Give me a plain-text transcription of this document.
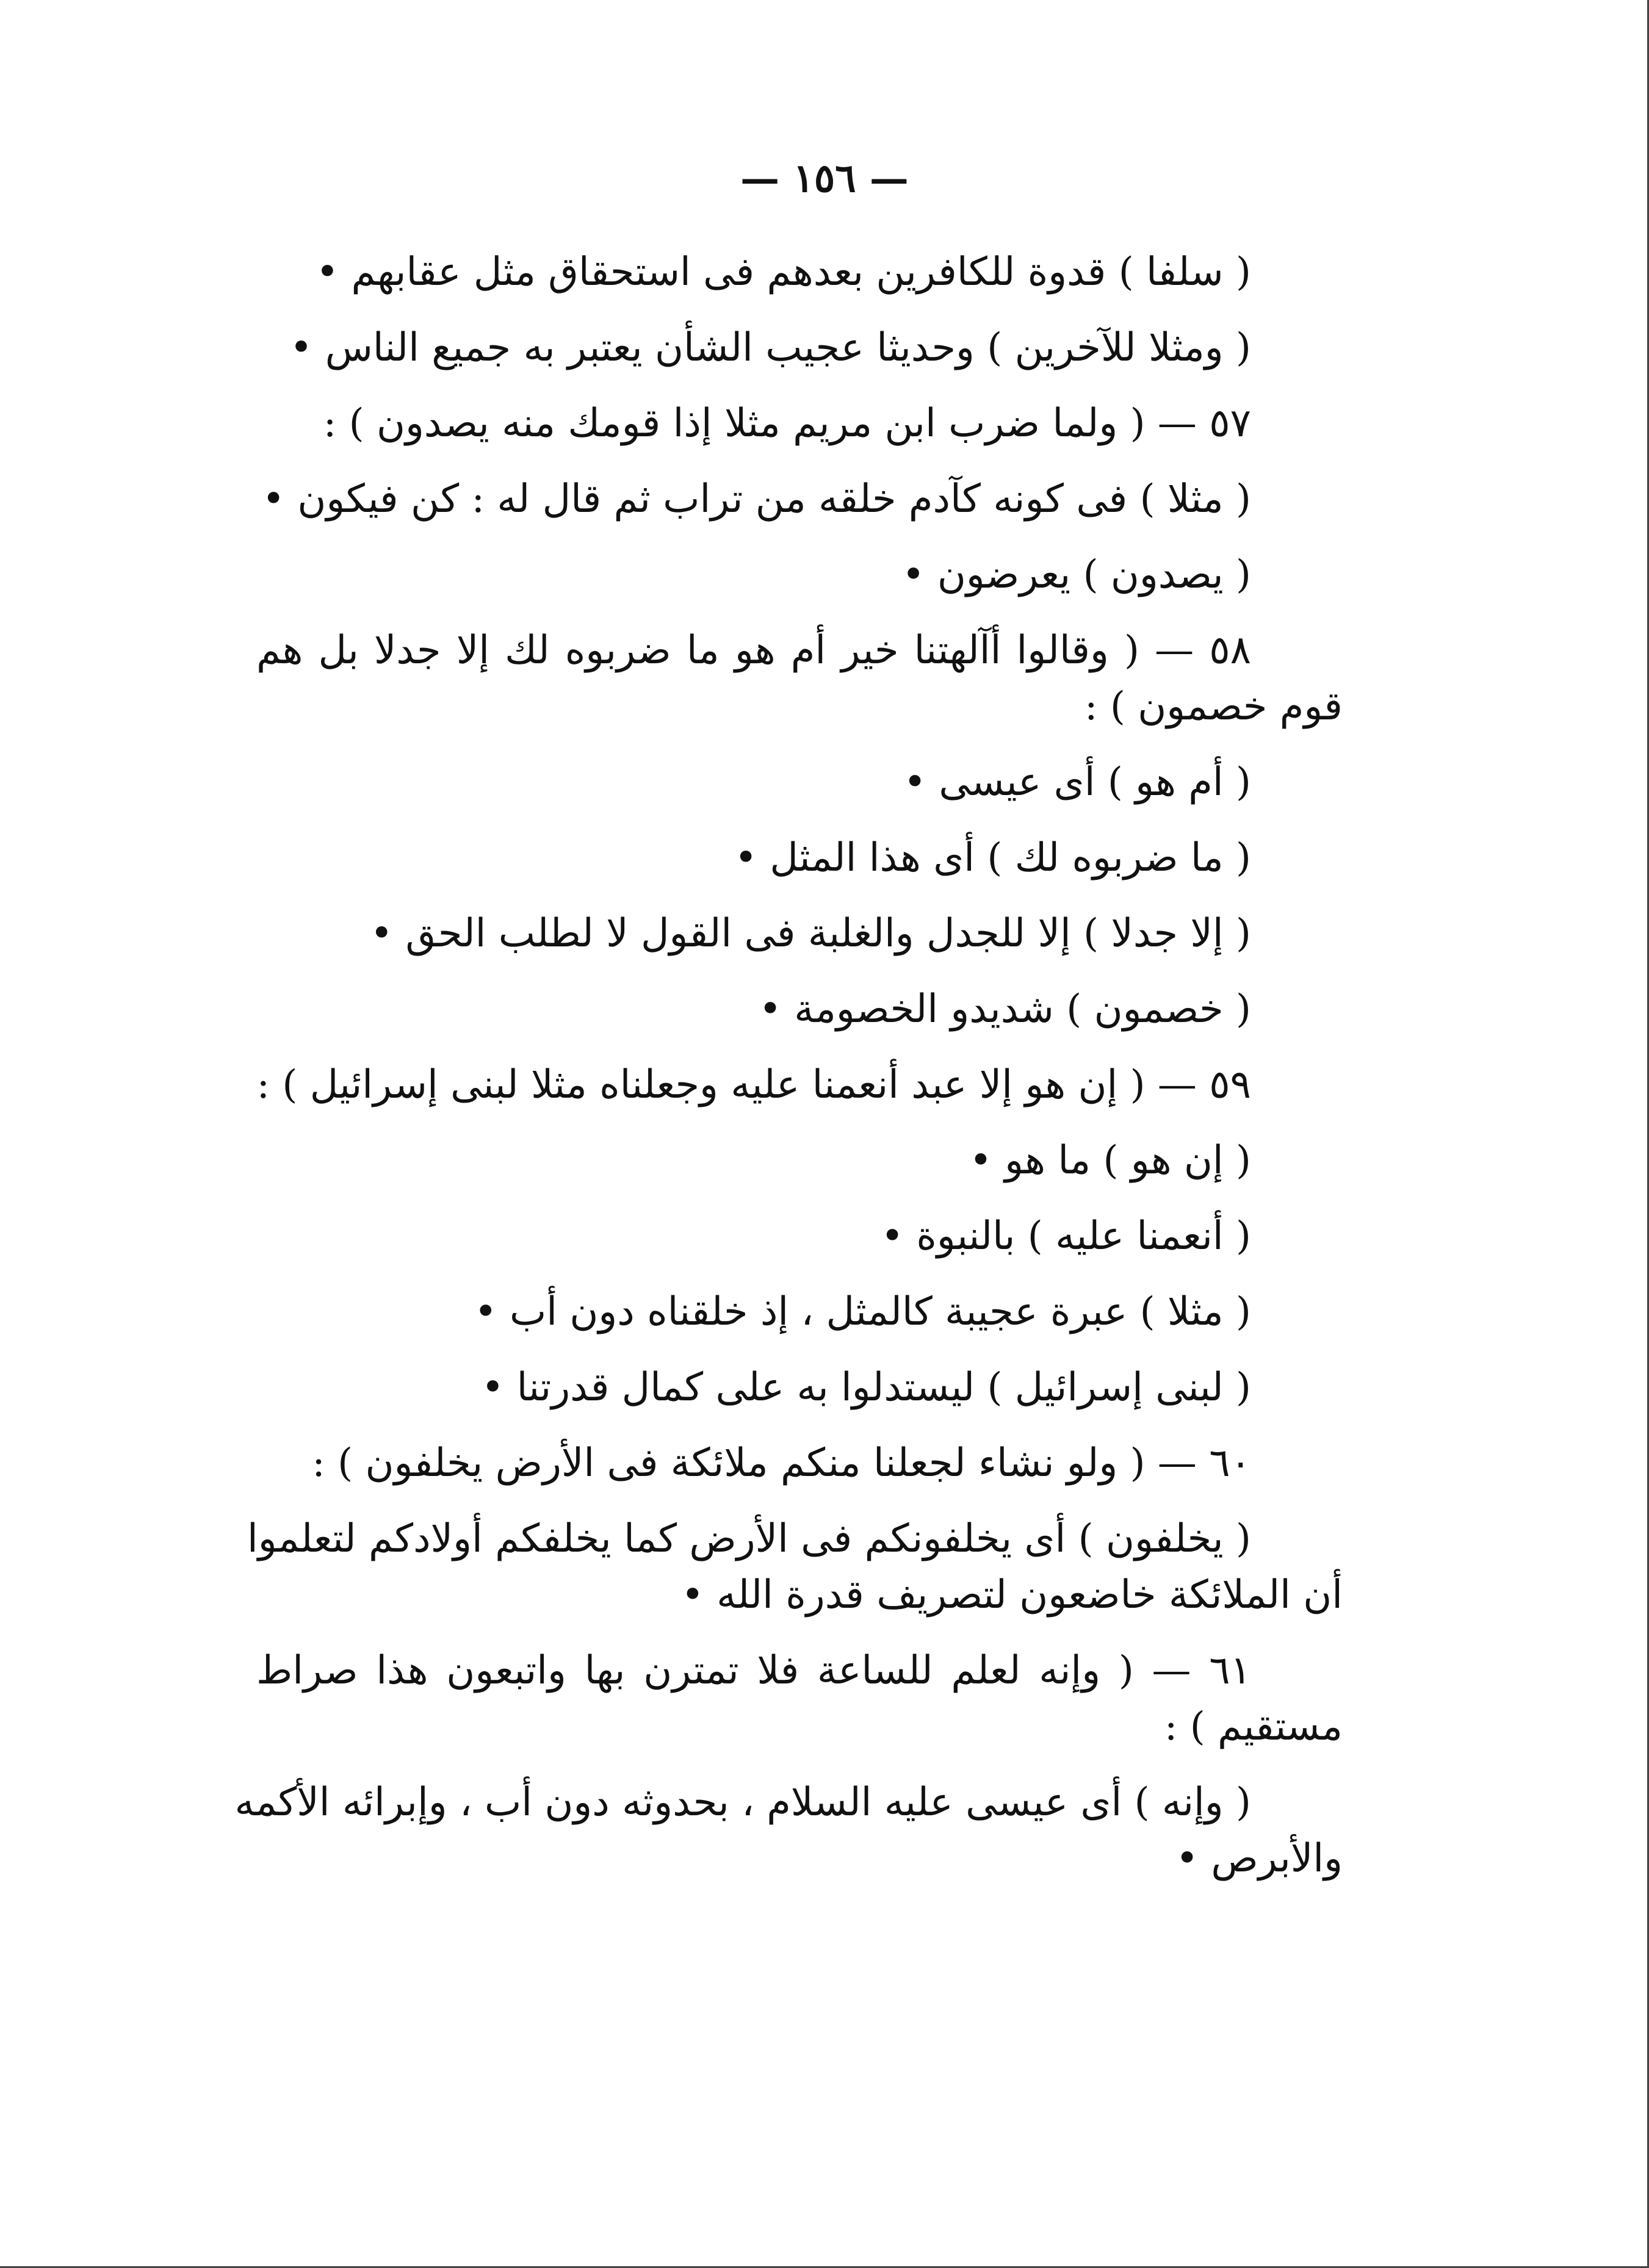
— ١٥٦ —

( سلفا ) قدوة للكافرين بعدهم فى استحقاق مثل عقابهم •

( ومثلا للآخرين ) وحديثا عجيب الشأن يعتبر به جميع الناس •

٥٧ — ( ولما ضرب ابن مريم مثلا إذا قومك منه يصدون ) :

( مثلا ) فى كونه كآدم خلقه من تراب ثم قال له : كن فيكون •

( يصدون ) يعرضون •

٥٨ — ( وقالوا أآلهتنا خير أم هو ما ضربوه لك إلا جدلا بل هم

قوم خصمون ) :

( أم هو ) أى عيسى •

( ما ضربوه لك ) أى هذا المثل •

( إلا جدلا ) إلا للجدل والغلبة فى القول لا لطلب الحق •

( خصمون ) شديدو الخصومة •

٥٩ — ( إن هو إلا عبد أنعمنا عليه وجعلناه مثلا لبنى إسرائيل ) :

( إن هو ) ما هو •

( أنعمنا عليه ) بالنبوة •

( مثلا ) عبرة عجيبة كالمثل ، إذ خلقناه دون أب •

( لبنى إسرائيل ) ليستدلوا به على كمال قدرتنا •

٦٠ — ( ولو نشاء لجعلنا منكم ملائكة فى الأرض يخلفون ) :

( يخلفون ) أى يخلفونكم فى الأرض كما يخلفكم أولادكم لتعلموا

أن الملائكة خاضعون لتصريف قدرة الله •

٦١ — ( وإنه لعلم للساعة فلا تمترن بها واتبعون هذا صراط

مستقيم ) :

( وإنه ) أى عيسى عليه السلام ، بحدوثه دون أب ، وإبرائه الأكمه

والأبرص •
